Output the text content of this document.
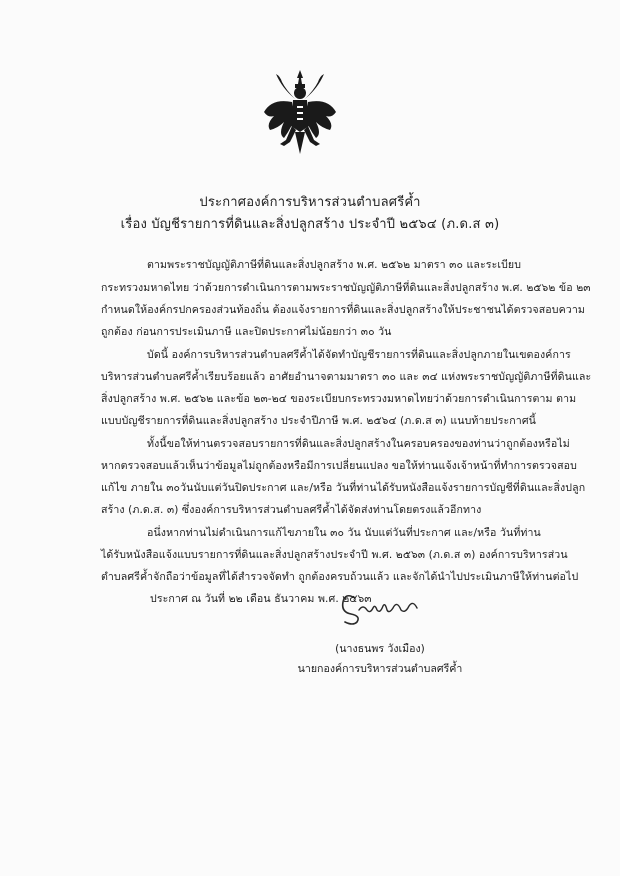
ประกาศองค์การบริหารส่วนตำบลศรีค้ำ
เรื่อง บัญชีรายการที่ดินและสิ่งปลูกสร้าง ประจำปี ๒๕๖๔ (ภ.ด.ส ๓)
ตามพระราชบัญญัติภาษีที่ดินและสิ่งปลูกสร้าง พ.ศ. ๒๕๖๒ มาตรา ๓๐ และระเบียบ
กระทรวงมหาดไทย ว่าด้วยการดำเนินการตามพระราชบัญญัติภาษีที่ดินและสิ่งปลูกสร้าง พ.ศ. ๒๕๖๒ ข้อ ๒๓
กำหนดให้องค์กรปกครองส่วนท้องถิ่น ต้องแจ้งรายการที่ดินและสิ่งปลูกสร้างให้ประชาชนได้ตรวจสอบความ
ถูกต้อง ก่อนการประเมินภาษี และปิดประกาศไม่น้อยกว่า ๓๐ วัน
บัดนี้ องค์การบริหารส่วนตำบลศรีค้ำได้จัดทำบัญชีรายการที่ดินและสิ่งปลูกภายในเขตองค์การ
บริหารส่วนตำบลศรีค้ำเรียบร้อยแล้ว อาศัยอำนาจตามมาตรา ๓๐ และ ๓๔ แห่งพระราชบัญญัติภาษีที่ดินและ
สิ่งปลูกสร้าง พ.ศ. ๒๕๖๒ และข้อ ๒๓-๒๔ ของระเบียบกระทรวงมหาดไทยว่าด้วยการดำเนินการตาม ตาม
แบบบัญชีรายการที่ดินและสิ่งปลูกสร้าง ประจำปีภาษี พ.ศ. ๒๕๖๔ (ภ.ด.ส ๓) แนบท้ายประกาศนี้
ทั้งนี้ขอให้ท่านตรวจสอบรายการที่ดินและสิ่งปลูกสร้างในครอบครองของท่านว่าถูกต้องหรือไม่
หากตรวจสอบแล้วเห็นว่าข้อมูลไม่ถูกต้องหรือมีการเปลี่ยนแปลง ขอให้ท่านแจ้งเจ้าหน้าที่ทำการตรวจสอบ
แก้ไข ภายใน ๓๐วันนับแต่วันปิดประกาศ และ/หรือ วันที่ท่านได้รับหนังสือแจ้งรายการบัญชีที่ดินและสิ่งปลูก
สร้าง (ภ.ด.ส. ๓) ซึ่งองค์การบริหารส่วนตำบลศรีค้ำได้จัดส่งท่านโดยตรงแล้วอีกทาง
อนึ่งหากท่านไม่ดำเนินการแก้ไขภายใน ๓๐ วัน นับแต่วันที่ประกาศ และ/หรือ วันที่ท่าน
ได้รับหนังสือแจ้งแบบรายการที่ดินและสิ่งปลูกสร้างประจำปี พ.ศ. ๒๕๖๓ (ภ.ด.ส ๓) องค์การบริหารส่วน
ตำบลศรีค้ำจักถือว่าข้อมูลที่ได้สำรวจจัดทำ ถูกต้องครบถ้วนแล้ว และจักได้นำไปประเมินภาษีให้ท่านต่อไป
ประกาศ ณ วันที่ ๒๒ เดือน ธันวาคม พ.ศ. ๒๕๖๓
(นางธนพร วังเมือง)
นายกองค์การบริหารส่วนตำบลศรีค้ำ
